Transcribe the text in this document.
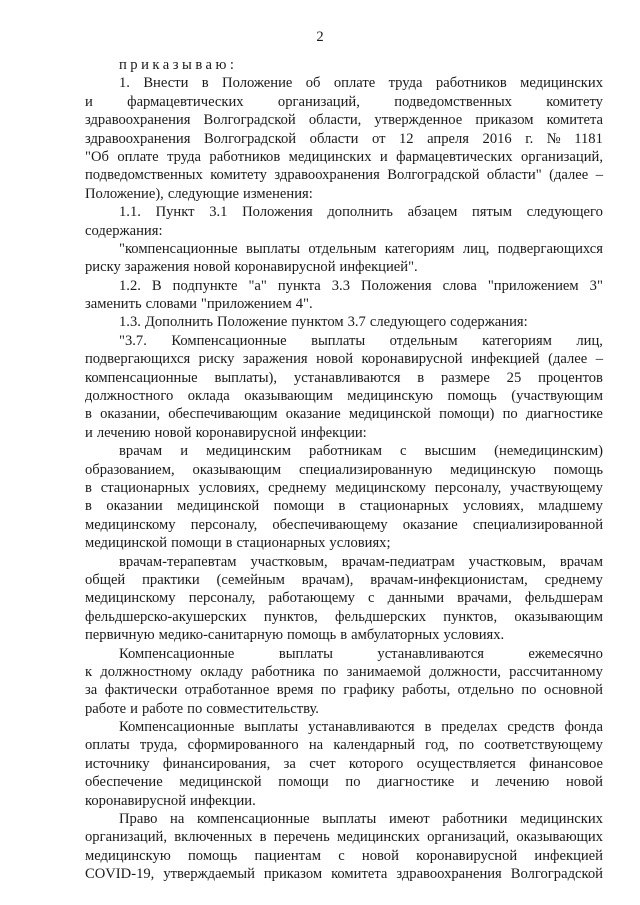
2
приказываю:
1. Внести в Положение об оплате труда работников медицинских
и фармацевтических организаций, подведомственных комитету
здравоохранения Волгоградской области, утвержденное приказом комитета
здравоохранения Волгоградской области от 12 апреля 2016 г. № 1181
"Об оплате труда работников медицинских и фармацевтических организаций,
подведомственных комитету здравоохранения Волгоградской области" (далее –
Положение), следующие изменения:
1.1. Пункт 3.1 Положения дополнить абзацем пятым следующего
содержания:
"компенсационные выплаты отдельным категориям лиц, подвергающихся
риску заражения новой коронавирусной инфекцией".
1.2. В подпункте "а" пункта 3.3 Положения слова "приложением 3"
заменить словами "приложением 4".
1.3. Дополнить Положение пунктом 3.7 следующего содержания:
"3.7. Компенсационные выплаты отдельным категориям лиц,
подвергающихся риску заражения новой коронавирусной инфекцией (далее –
компенсационные выплаты), устанавливаются в размере 25 процентов
должностного оклада оказывающим медицинскую помощь (участвующим
в оказании, обеспечивающим оказание медицинской помощи) по диагностике
и лечению новой коронавирусной инфекции:
врачам и медицинским работникам с высшим (немедицинским)
образованием, оказывающим специализированную медицинскую помощь
в стационарных условиях, среднему медицинскому персоналу, участвующему
в оказании медицинской помощи в стационарных условиях, младшему
медицинскому персоналу, обеспечивающему оказание специализированной
медицинской помощи в стационарных условиях;
врачам-терапевтам участковым, врачам-педиатрам участковым, врачам
общей практики (семейным врачам), врачам-инфекционистам, среднему
медицинскому персоналу, работающему с данными врачами, фельдшерам
фельдшерско-акушерских пунктов, фельдшерских пунктов, оказывающим
первичную медико-санитарную помощь в амбулаторных условиях.
Компенсационные	выплаты	устанавливаются	ежемесячно
к должностному окладу работника по занимаемой должности, рассчитанному
за фактически отработанное время по графику работы, отдельно по основной
работе и работе по совместительству.
Компенсационные выплаты устанавливаются в пределах средств фонда
оплаты труда, сформированного на календарный год, по соответствующему
источнику финансирования, за счет которого осуществляется финансовое
обеспечение медицинской помощи по диагностике и лечению новой
коронавирусной инфекции.
Право на компенсационные выплаты имеют работники медицинских
организаций, включенных в перечень медицинских организаций, оказывающих
медицинскую помощь пациентам с новой коронавирусной инфекцией
COVID-19, утверждаемый приказом комитета здравоохранения Волгоградской
